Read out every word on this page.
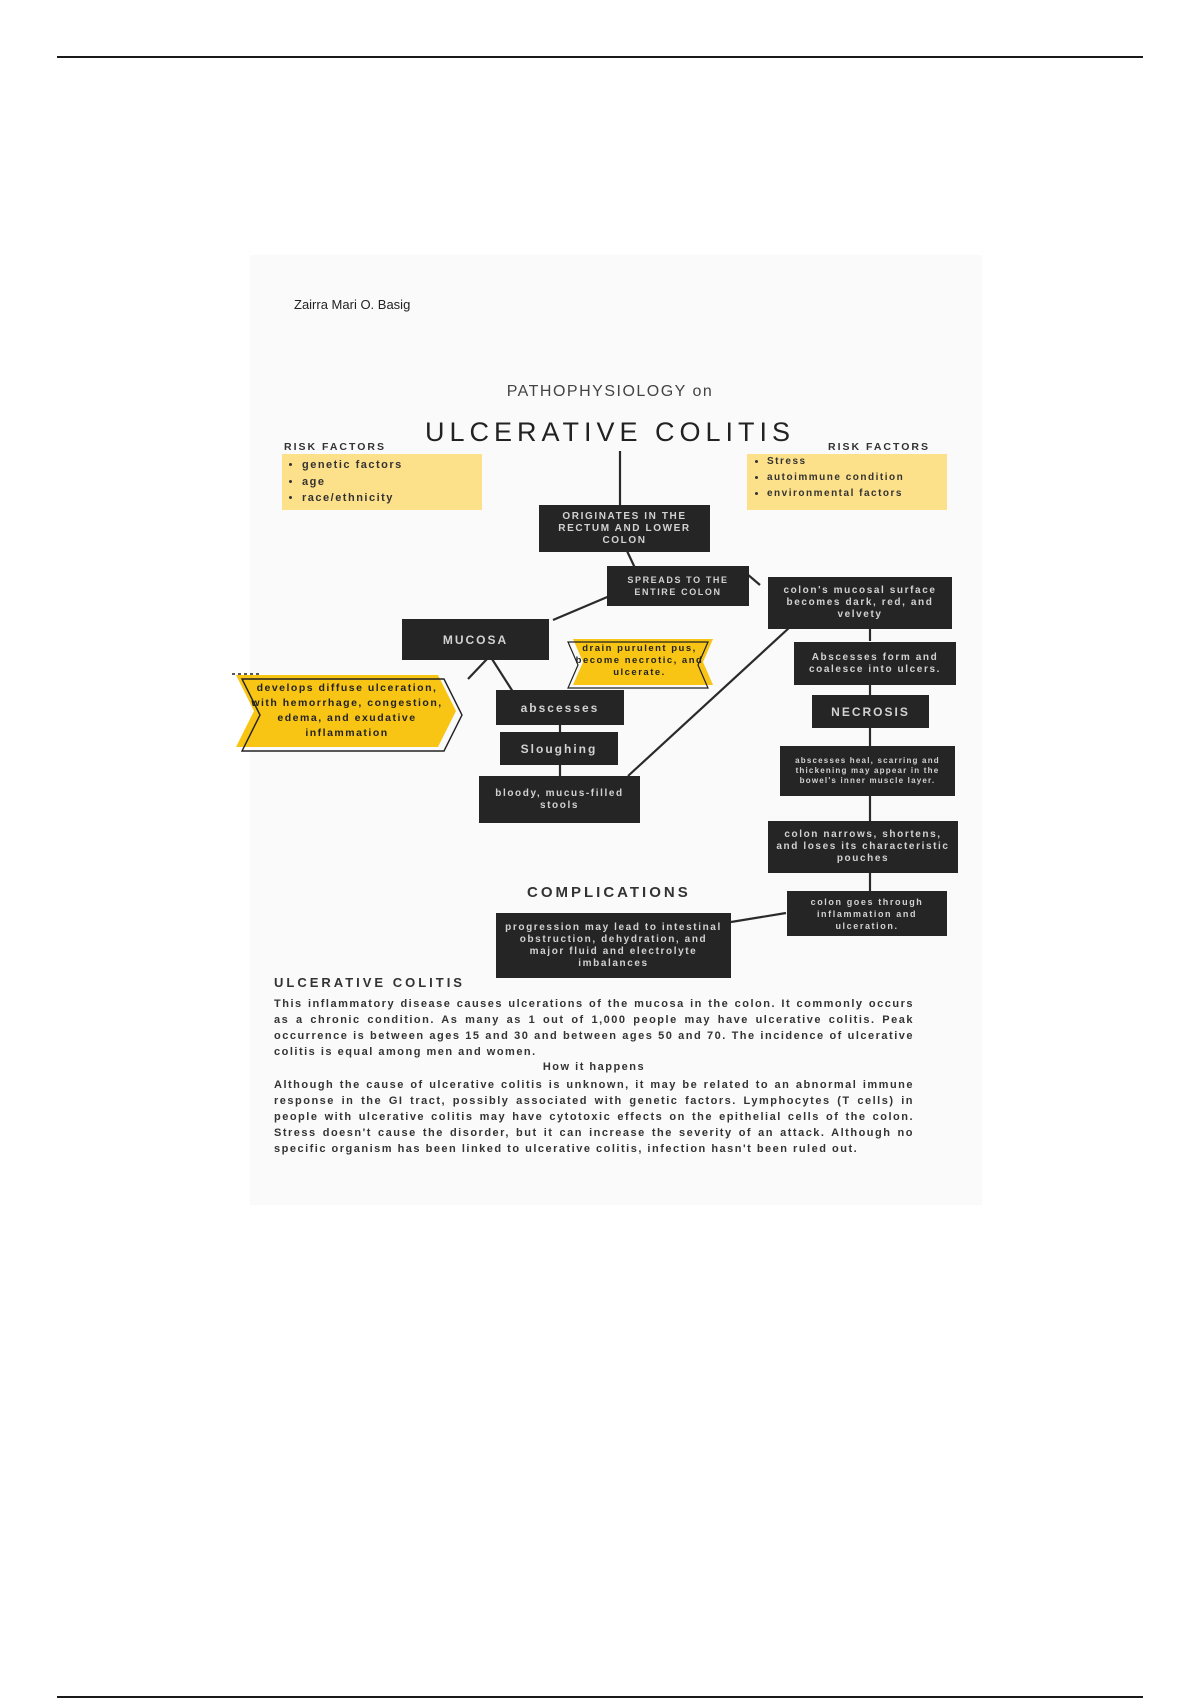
Zairra Mari O. Basig
PATHOPHYSIOLOGY on
ULCERATIVE COLITIS
RISK FACTORS
• genetic factors
• age
• race/ethnicity
RISK FACTORS
• Stress
• autoimmune condition
• environmental factors
ORIGINATES IN THE RECTUM AND LOWER COLON
SPREADS TO THE ENTIRE COLON	colon's mucosal surface becomes dark, red, and velvety
MUCOSA
drain purulent pus, become necrotic, and ulcerate.
Abscesses form and coalesce into ulcers.
develops diffuse ulceration, with hemorrhage, congestion, edema, and exudative inflammation
abscesses	NECROSIS
Sloughing
abscesses heal, scarring and thickening may appear in the bowel's inner muscle layer.
bloody, mucus-filled stools
colon narrows, shortens, and loses its characteristic pouches
COMPLICATIONS
colon goes through inflammation and ulceration.
progression may lead to intestinal obstruction, dehydration, and major fluid and electrolyte imbalances
ULCERATIVE COLITIS
This inflammatory disease causes ulcerations of the mucosa in the colon. It commonly occurs as a chronic condition. As many as 1 out of 1,000 people may have ulcerative colitis. Peak occurrence is between ages 15 and 30 and between ages 50 and 70. The incidence of ulcerative colitis is equal among men and women.
How it happens
Although the cause of ulcerative colitis is unknown, it may be related to an abnormal immune response in the GI tract, possibly associated with genetic factors. Lymphocytes (T cells) in people with ulcerative colitis may have cytotoxic effects on the epithelial cells of the colon. Stress doesn't cause the disorder, but it can increase the severity of an attack. Although no specific organism has been linked to ulcerative colitis, infection hasn't been ruled out.
